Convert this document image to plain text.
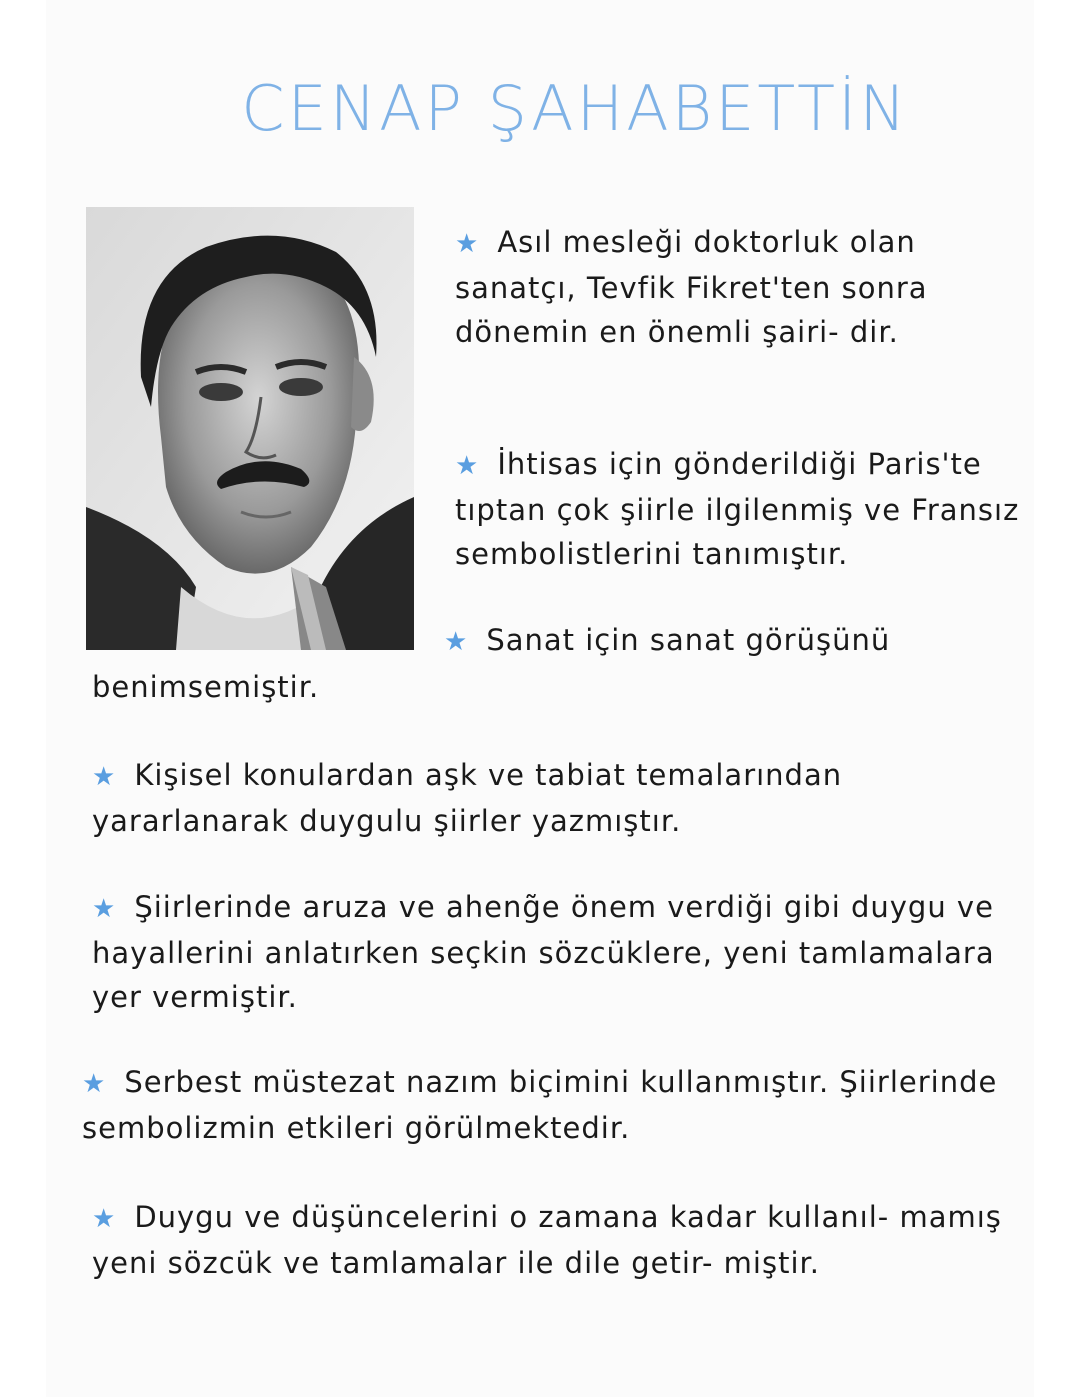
CENAP ŞAHABETTİN
★ Asıl mesleği doktorluk olan sanatçı, Tevfik Fikret'ten sonra dönemin en önemli şairi- dir.
★ İhtisas için gönderildiği Paris'te tıptan çok şiirle ilgilenmiş ve Fransız sembolistlerini tanımıştır.
★ Sanat için sanat görüşünü
benimsemiştir.
★ Kişisel konulardan aşk ve tabiat temalarından yararlanarak duygulu şiirler yazmıştır.
★ Şiirlerinde aruza ve aheng̃e önem verdiği gibi duygu ve hayallerini anlatırken seçkin sözcüklere, yeni tamlamalara yer vermiştir.
★ Serbest müstezat nazım biçimini kullanmıştır. Şiirlerinde sembolizmin etkileri görülmektedir.
★ Duygu ve düşüncelerini o zamana kadar kullanıl- mamış yeni sözcük ve tamlamalar ile dile getir- miştir.
